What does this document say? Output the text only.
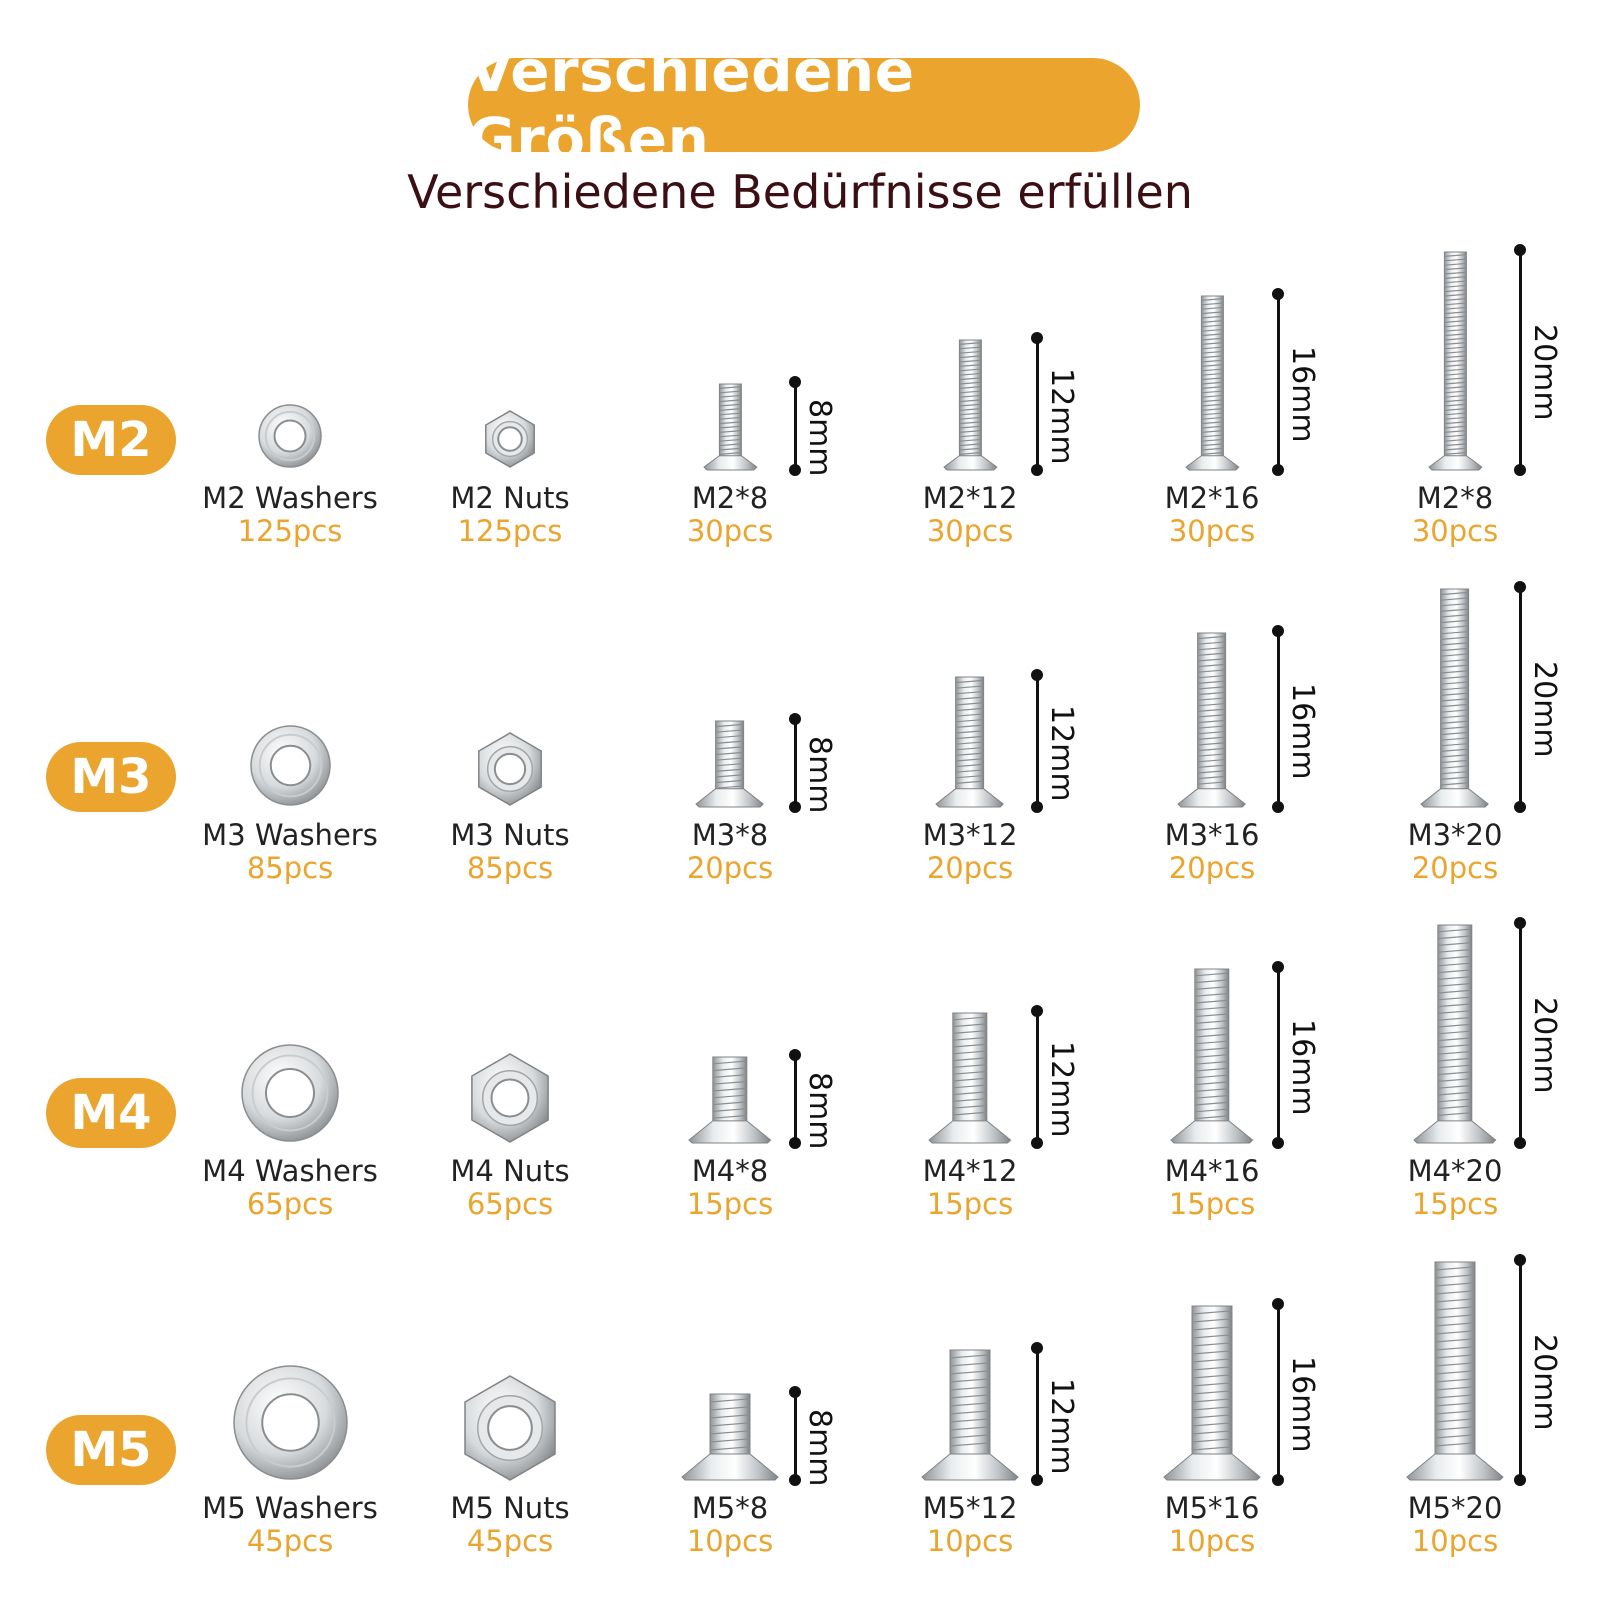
Verschiedene Größen
Verschiedene Bedürfnisse erfüllen
M2
M2 Washers
125pcs
M2 Nuts
125pcs
M2*8
30pcs
M2*12
30pcs
M2*16
30pcs
M2*8
30pcs
8mm	12mm	16mm	20mm
M3
M3 Washers
85pcs
M3 Nuts
85pcs
M3*8
20pcs
M3*12
20pcs
M3*16
20pcs
M3*20
20pcs
8mm	12mm	16mm	20mm
M4
M4 Washers
65pcs
M4 Nuts
65pcs
M4*8
15pcs
M4*12
15pcs
M4*16
15pcs
M4*20
15pcs
8mm	12mm	16mm	20mm
M5
M5 Washers
45pcs
M5 Nuts
45pcs
M5*8
10pcs
M5*12
10pcs
M5*16
10pcs
M5*20
10pcs
8mm	12mm	16mm	20mm
